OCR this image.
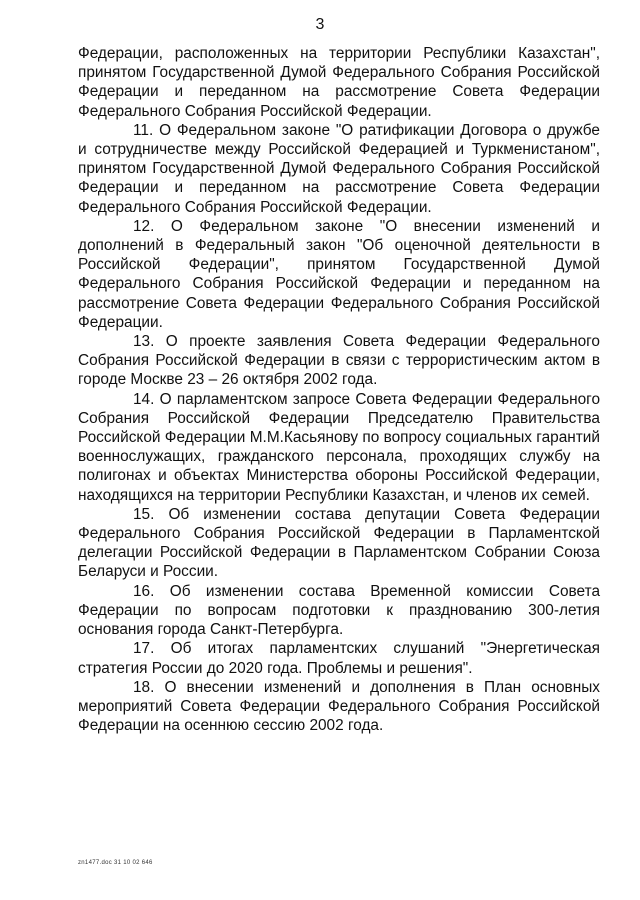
3

Федерации, расположенных на территории Республики Казахстан", принятом Государственной Думой Федерального Собрания Российской Федерации и переданном на рассмотрение Совета Федерации Федерального Собрания Российской Федерации.

11. О Федеральном законе "О ратификации Договора о дружбе и сотрудничестве между Российской Федерацией и Туркменистаном", принятом Государственной Думой Федерального Собрания Российской Федерации и переданном на рассмотрение Совета Федерации Федерального Собрания Российской Федерации.

12. О Федеральном законе "О внесении изменений и дополнений в Федеральный закон "Об оценочной деятельности в Российской Федерации", принятом Государственной Думой Федерального Собрания Российской Федерации и переданном на рассмотрение Совета Федерации Федерального Собрания Российской Федерации.

13. О проекте заявления Совета Федерации Федерального Собрания Российской Федерации в связи с террористическим актом в городе Москве 23 – 26 октября 2002 года.

14. О парламентском запросе Совета Федерации Федерального Собрания Российской Федерации Председателю Правительства Российской Федерации М.М.Касьянову по вопросу социальных гарантий военнослужащих, гражданского персонала, проходящих службу на полигонах и объектах Министерства обороны Российской Федерации, находящихся на территории Республики Казахстан, и членов их семей.

15. Об изменении состава депутации Совета Федерации Федерального Собрания Российской Федерации в Парламентской делегации Российской Федерации в Парламентском Собрании Союза Беларуси и России.

16. Об изменении состава Временной комиссии Совета Федерации по вопросам подготовки к празднованию 300-летия основания города Санкт-Петербурга.

17. Об итогах парламентских слушаний "Энергетическая стратегия России до 2020 года. Проблемы и решения".

18. О внесении изменений и дополнения в План основных мероприятий Совета Федерации Федерального Собрания Российской Федерации на осеннюю сессию 2002 года.

zn1477.doc 31 10 02 646
